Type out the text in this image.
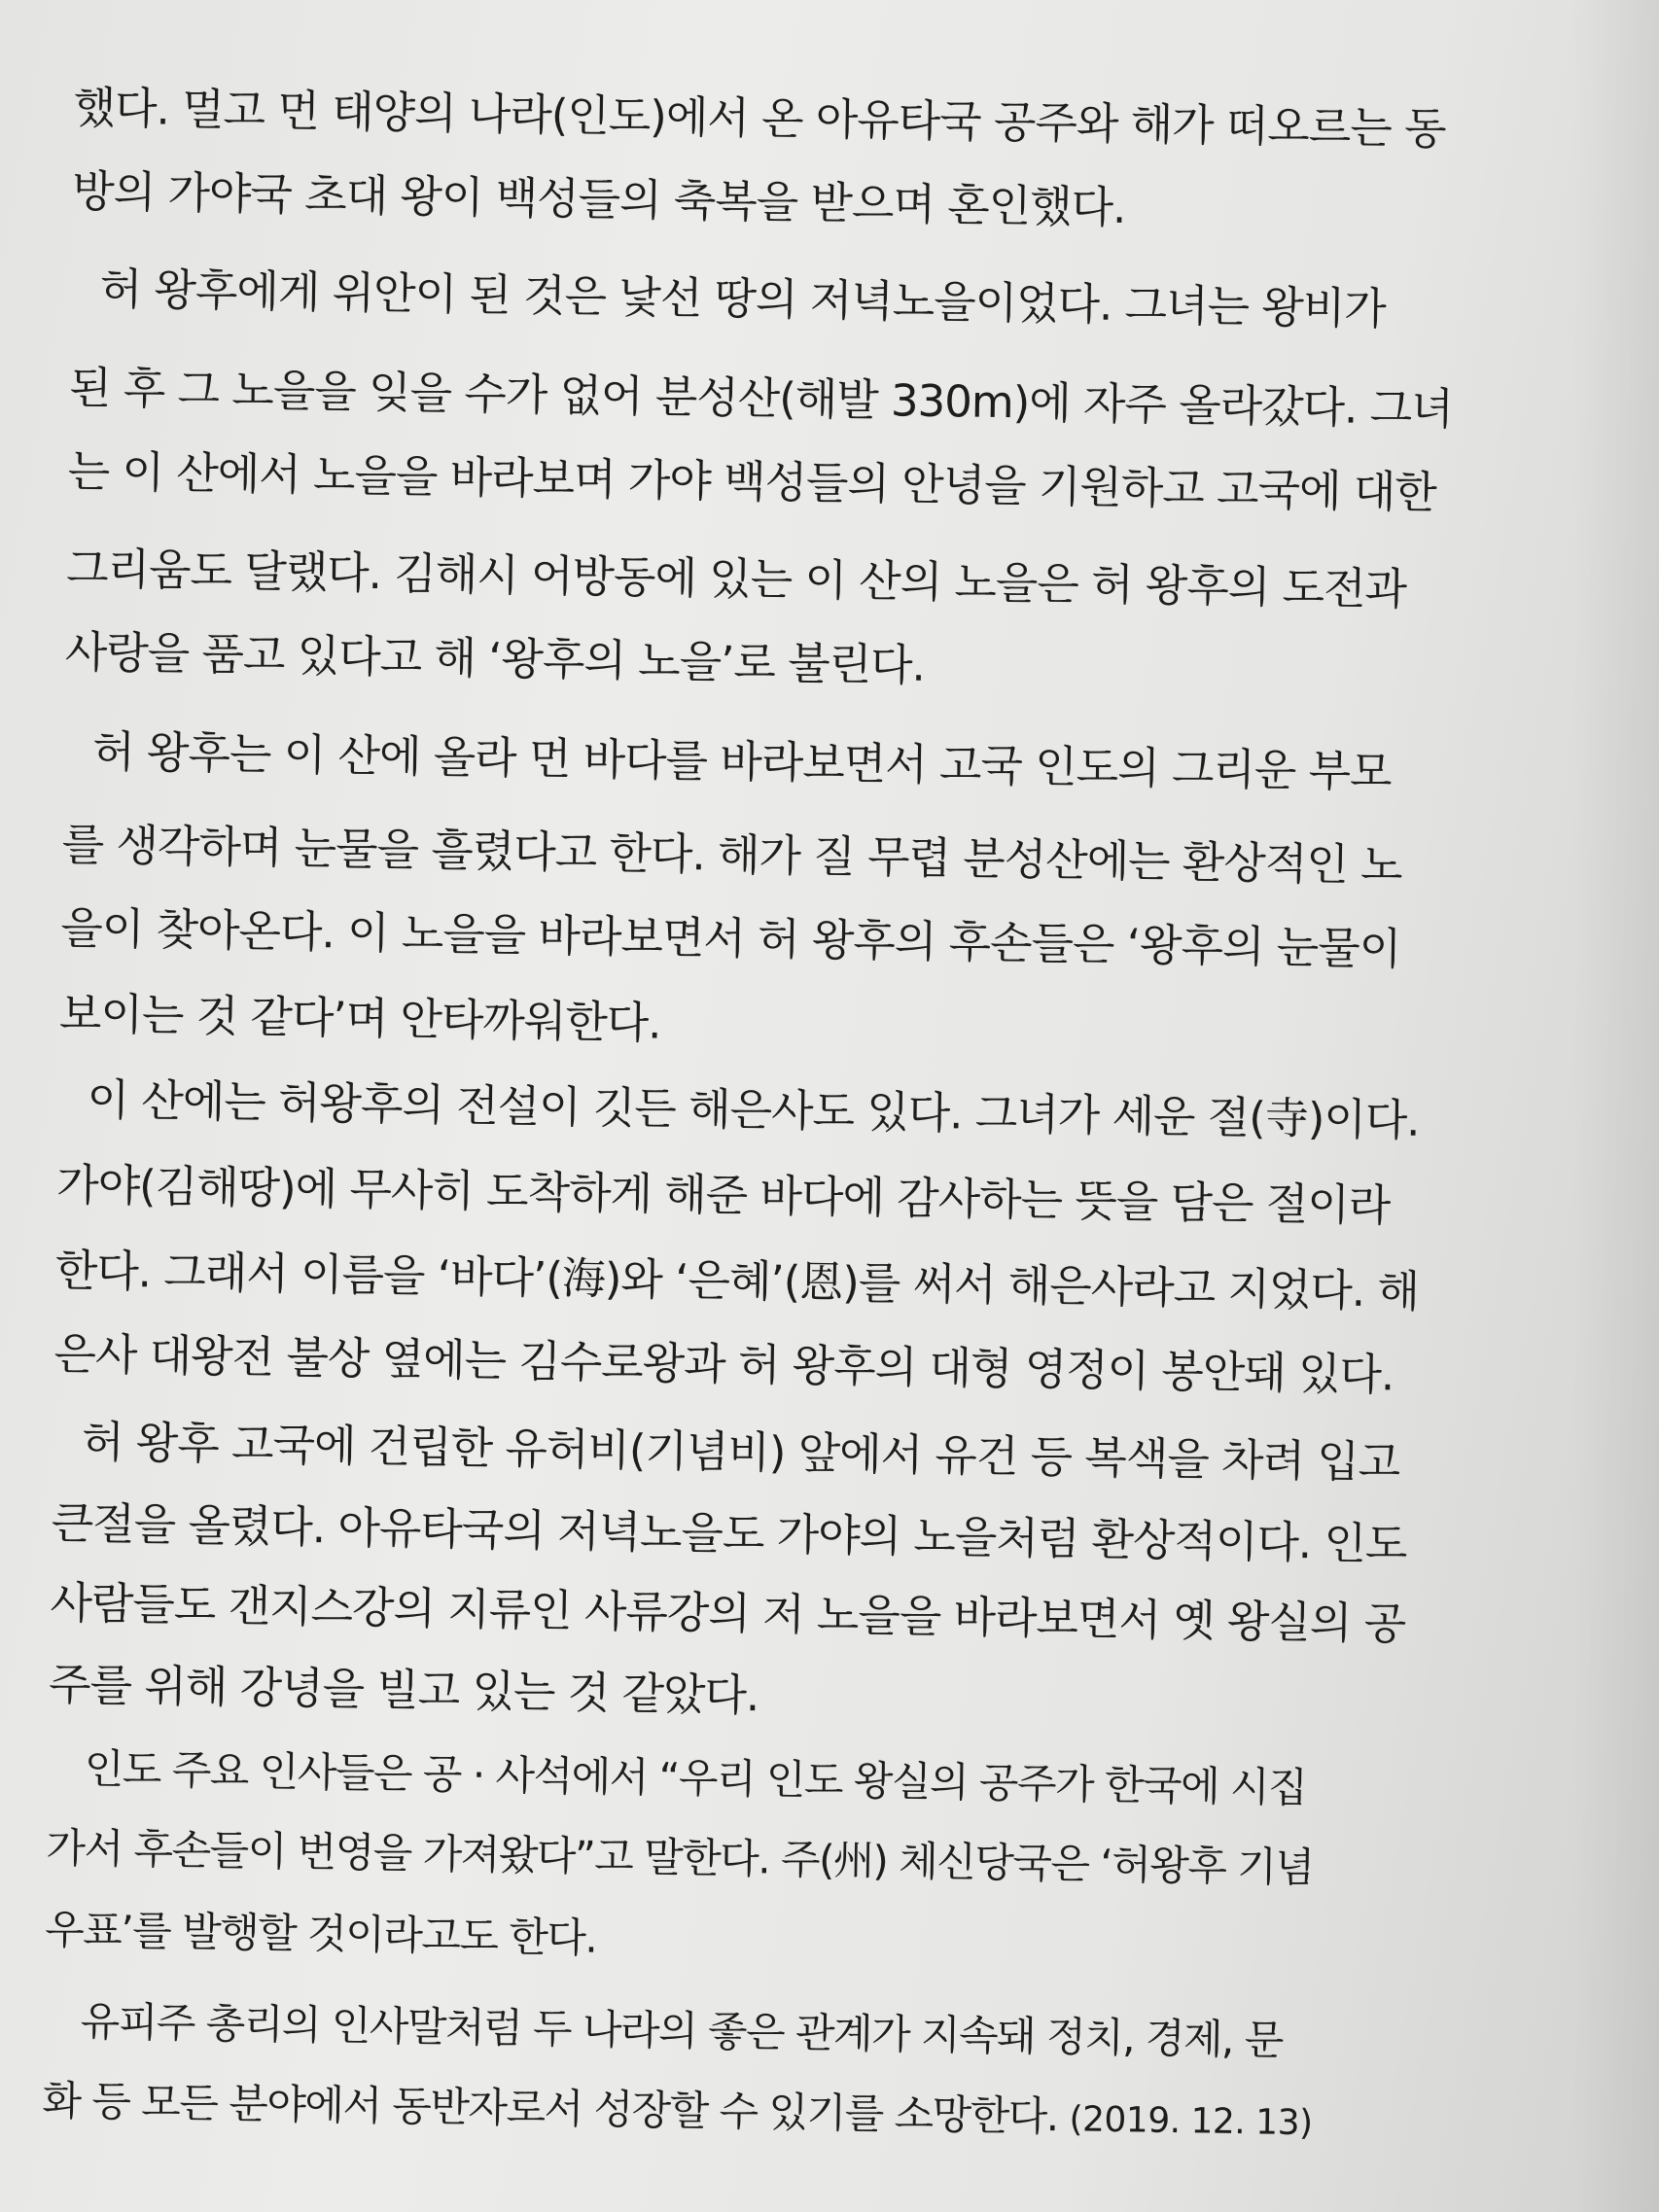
했다. 멀고 먼 태양의 나라(인도)에서 온 아유타국 공주와 해가 떠오르는 동
방의 가야국 초대 왕이 백성들의 축복을 받으며 혼인했다.
허 왕후에게 위안이 된 것은 낯선 땅의 저녁노을이었다. 그녀는 왕비가
된 후 그 노을을 잊을 수가 없어 분성산(해발 330m)에 자주 올라갔다. 그녀
는 이 산에서 노을을 바라보며 가야 백성들의 안녕을 기원하고 고국에 대한
그리움도 달랬다. 김해시 어방동에 있는 이 산의 노을은 허 왕후의 도전과
사랑을 품고 있다고 해 ‘왕후의 노을’로 불린다.
허 왕후는 이 산에 올라 먼 바다를 바라보면서 고국 인도의 그리운 부모
를 생각하며 눈물을 흘렸다고 한다. 해가 질 무렵 분성산에는 환상적인 노
을이 찾아온다. 이 노을을 바라보면서 허 왕후의 후손들은 ‘왕후의 눈물이
보이는 것 같다’며 안타까워한다.
이 산에는 허왕후의 전설이 깃든 해은사도 있다. 그녀가 세운 절(寺)이다.
가야(김해땅)에 무사히 도착하게 해준 바다에 감사하는 뜻을 담은 절이라
한다. 그래서 이름을 ‘바다’(海)와 ‘은혜’(恩)를 써서 해은사라고 지었다. 해
은사 대왕전 불상 옆에는 김수로왕과 허 왕후의 대형 영정이 봉안돼 있다.
허 왕후 고국에 건립한 유허비(기념비) 앞에서 유건 등 복색을 차려 입고
큰절을 올렸다. 아유타국의 저녁노을도 가야의 노을처럼 환상적이다. 인도
사람들도 갠지스강의 지류인 사류강의 저 노을을 바라보면서 옛 왕실의 공
주를 위해 강녕을 빌고 있는 것 같았다.
인도 주요 인사들은 공 · 사석에서 “우리 인도 왕실의 공주가 한국에 시집
가서 후손들이 번영을 가져왔다”고 말한다. 주(州) 체신당국은 ‘허왕후 기념
우표’를 발행할 것이라고도 한다.
유피주 총리의 인사말처럼 두 나라의 좋은 관계가 지속돼 정치, 경제, 문
화 등 모든 분야에서 동반자로서 성장할 수 있기를 소망한다. (2019. 12. 13)
